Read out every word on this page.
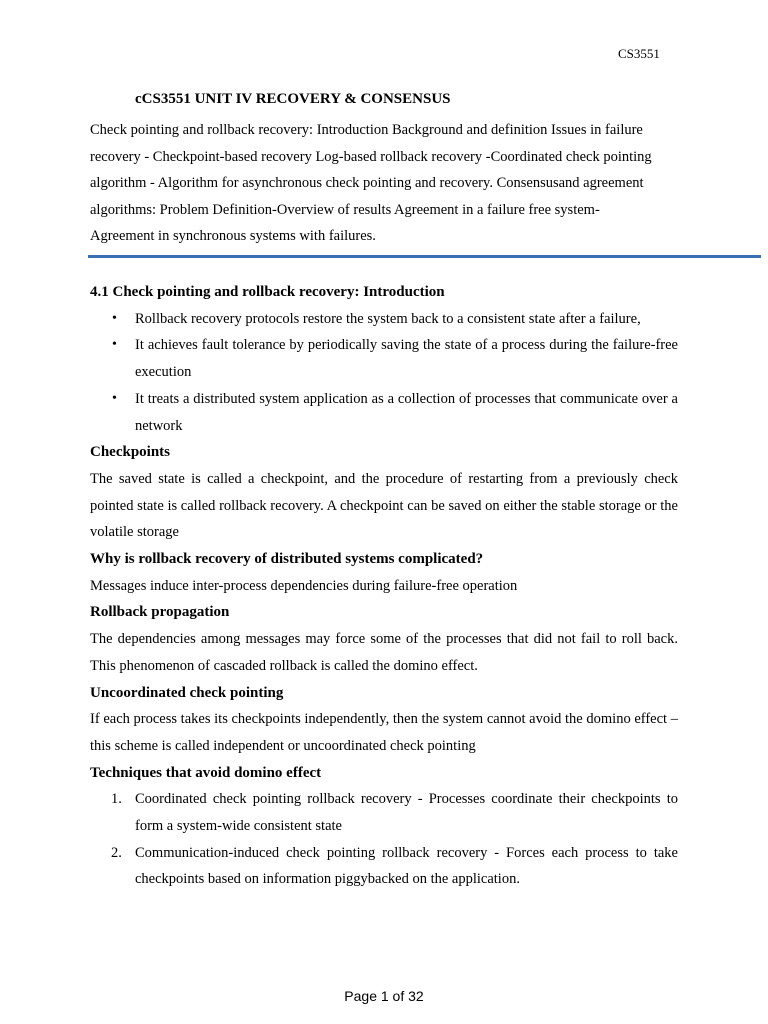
CS3551
cCS3551 UNIT IV RECOVERY & CONSENSUS
Check pointing and rollback recovery: Introduction Background and definition Issues in failure
recovery - Checkpoint-based recovery Log-based rollback recovery -Coordinated check pointing
algorithm - Algorithm for asynchronous check pointing and recovery. Consensusand agreement
algorithms: Problem Definition-Overview of results Agreement in a failure free system-
Agreement in synchronous systems with failures.
4.1 Check pointing and rollback recovery: Introduction
• Rollback recovery protocols restore the system back to a consistent state after a failure,
• It achieves fault tolerance by periodically saving the state of a process during the failure-free execution
• It treats a distributed system application as a collection of processes that communicate over a network
Checkpoints

The saved state is called a checkpoint, and the procedure of restarting from a previously check pointed state is called rollback recovery. A checkpoint can be saved on either the stable storage or the volatile storage

Why is rollback recovery of distributed systems complicated?

Messages induce inter-process dependencies during failure-free operation

Rollback propagation

The dependencies among messages may force some of the processes that did not fail to roll back. This phenomenon of cascaded rollback is called the domino effect.

Uncoordinated check pointing

If each process takes its checkpoints independently, then the system cannot avoid the domino effect – this scheme is called independent or uncoordinated check pointing

Techniques that avoid domino effect
1. Coordinated check pointing rollback recovery - Processes coordinate their checkpoints to form a system-wide consistent state
2. Communication-induced check pointing rollback recovery - Forces each process to take checkpoints based on information piggybacked on the application.
Page 1 of 32
